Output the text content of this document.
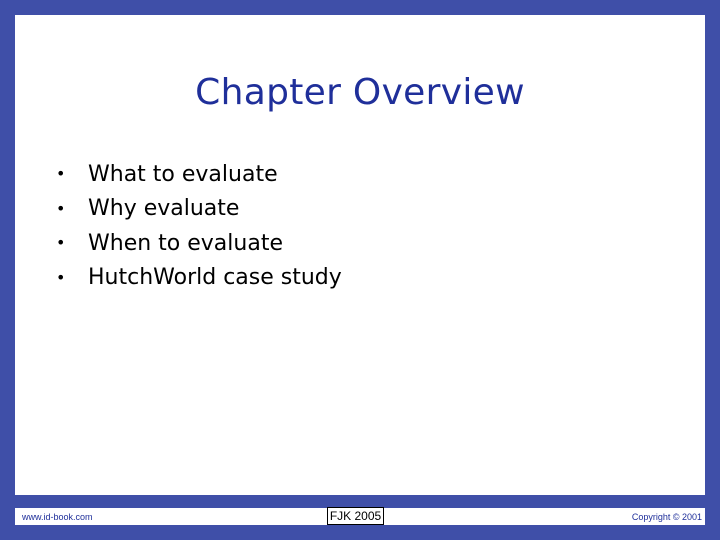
Chapter Overview
•	What to evaluate
•	Why evaluate
•	When to evaluate
•	HutchWorld case study
www.id-book.com	FJK 2005	Copyright © 2001
